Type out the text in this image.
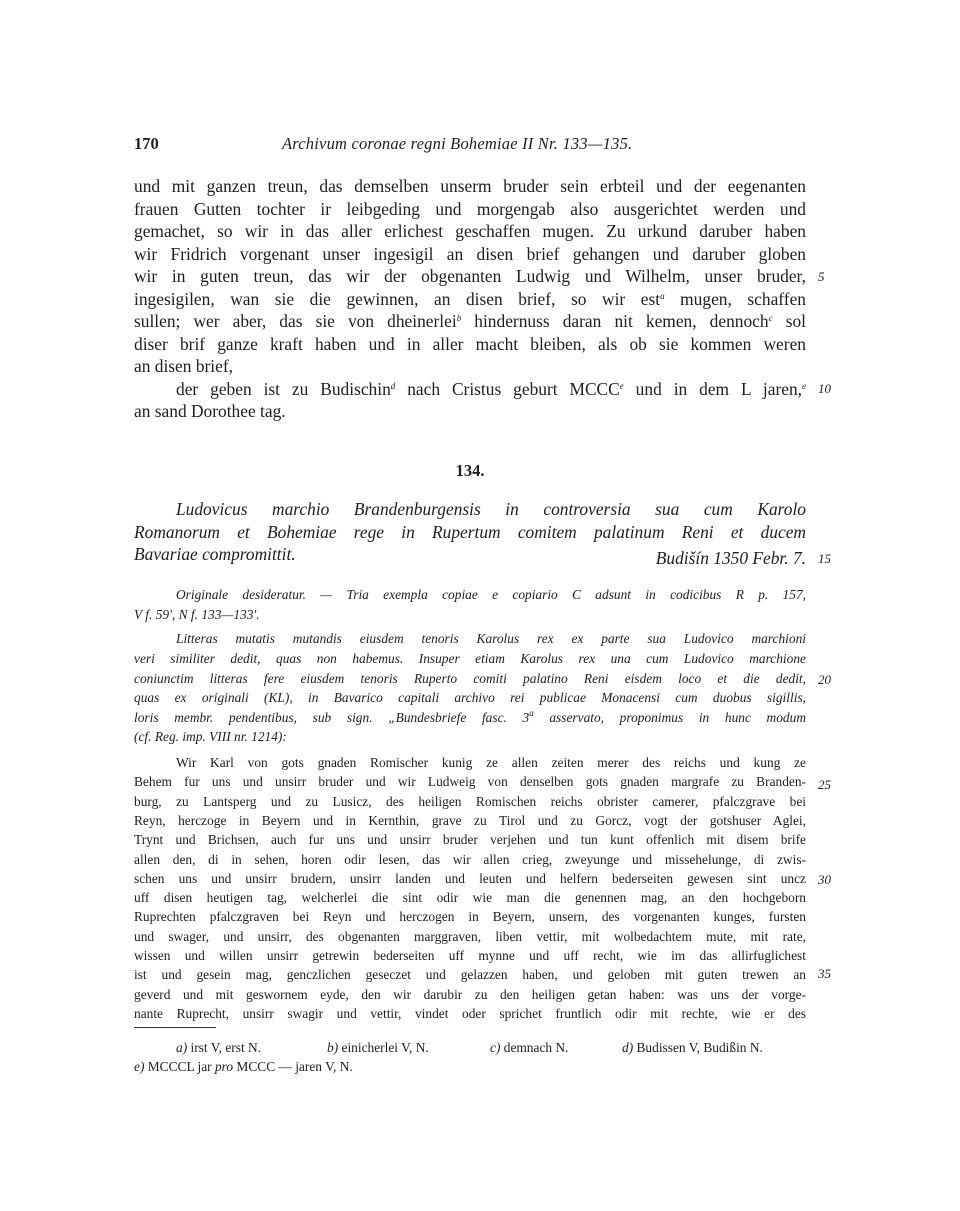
170	Archivum coronae regni Bohemiae II Nr. 133—135.
und mit ganzen treun, das demselben unserm bruder sein erbteil und der eegenanten
frauen Gutten tochter ir leibgeding und morgengab also ausgerichtet werden und
gemachet, so wir in das aller erlichest geschaffen mugen. Zu urkund daruber haben
wir Fridrich vorgenant unser ingesigil an disen brief gehangen und daruber globen
wir in guten treun, das wir der obgenanten Ludwig und Wilhelm, unser bruder,
ingesigilen, wan sie die gewinnen, an disen brief, so wir est$^a$ mugen, schaffen
sullen; wer aber, das sie von dheinerlei$^b$ hindernuss daran nit kemen, dennoch$^c$ sol
diser brif ganze kraft haben und in aller macht bleiben, als ob sie kommen weren
an disen brief,
der geben ist zu Budischin$^d$ nach Cristus geburt MCCCe und in dem L jaren,$^e$
an sand Dorothee tag.
5
10
134.
Ludovicus marchio Brandenburgensis in controversia sua cum Karolo
Romanorum et Bohemiae rege in Rupertum comitem palatinum Reni et ducem
Bavariae compromittit.	Budišín 1350 Febr. 7. 15
Originale desideratur. — Tria exempla copiae e copiario C adsunt in codicibus R p. 157,
V f. 59', N f. 133—133'.
Litteras mutatis mutandis eiusdem tenoris Karolus rex ex parte sua Ludovico marchioni
veri similiter dedit, quas non habemus. Insuper etiam Karolus rex una cum Ludovico marchione
coniunctim litteras fere eiusdem tenoris Ruperto comiti palatino Reni eisdem loco et die dedit,
quas ex originali (KL), in Bavarico capitali archivo rei publicae Monacensi cum duobus sigillis,
loris membr. pendentibus, sub sign. „Bundesbriefe fasc. 3$^a$ asservato, proponimus in hunc modum
(cf. Reg. imp. VIII nr. 1214):
20
Wir Karl von gots gnaden Romischer kunig ze allen zeiten merer des reichs und kung ze
Behem fur uns und unsirr bruder und wir Ludweig von denselben gots gnaden margrafe zu Branden-
burg, zu Lantsperg und zu Lusicz, des heiligen Romischen reichs obrister camerer, pfalczgrave bei
Reyn, herczoge in Beyern und in Kernthin, grave zu Tirol und zu Gorcz, vogt der gotshuser Aglei,
Trynt und Brichsen, auch fur uns und unsirr bruder verjehen und tun kunt offenlich mit disem brife
allen den, di in sehen, horen odir lesen, das wir allen crieg, zweyunge und missehelunge, di zwis-
schen uns und unsirr brudern, unsirr landen und leuten und helfern bederseiten gewesen sint uncz
uff disen heutigen tag, welcherlei die sint odir wie man die genennen mag, an den hochgeborn
Ruprechten pfalczgraven bei Reyn und herczogen in Beyern, unsern, des vorgenanten kunges, fursten
und swager, und unsirr, des obgenanten marggraven, liben vettir, mit wolbedachtem mute, mit rate,
wissen und willen unsirr getrewin bederseiten uff mynne und uff recht, wie im das allirfuglichest
ist und gesein mag, genczlichen geseczet und gelazzen haben, und geloben mit guten trewen an
geverd und mit geswornem eyde, den wir darubir zu den heiligen getan haben: was uns der vorge-
nante Ruprecht, unsirr swagir und vettir, vindet oder sprichet fruntlich odir mit rechte, wie er des
25
30
35
a) irst V, erst N.	b) einicherlei V, N.	c) demnach N.	d) Budissen V, Budißin N.
e) MCCCL jar pro MCCC — jaren V, N.
